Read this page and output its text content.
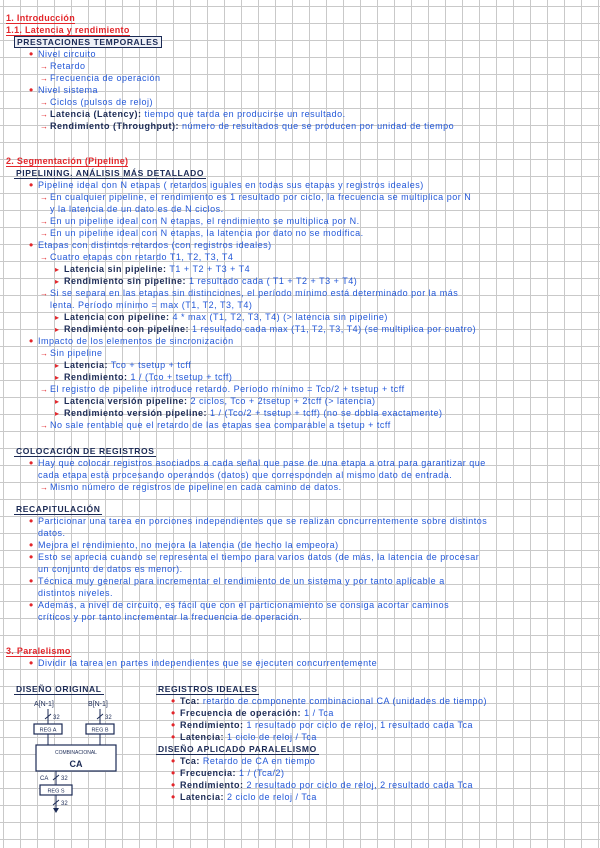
1. Introducción
1.1. Latencia y rendimiento
PRESTACIONES TEMPORALES
•
Nivel circuito
→
Retardo
→
Frecuencia de operación
•
Nivel sistema
→
Ciclos (pulsos de reloj)
→
Latencia (Latency): tiempo que tarda en producirse un resultado.
→
Rendimiento (Throughput): número de resultados que se producen por unidad de tiempo
2. Segmentación (Pipeline)
PIPELINING. ANÁLISIS MÁS DETALLADO
•
Pipeline ideal con N etapas ( retardos iguales en todas sus etapas y registros ideales)
→
En cualquier pipeline, el rendimiento es 1 resultado por ciclo, la frecuencia se multiplica por N
y la latencia de un dato es de N ciclos.
→
En un pipeline ideal con N etapas, el rendimiento se multiplica por N.
→
En un pipeline ideal con N etapas, la latencia por dato no se modifica.
•
Etapas con distintos retardos (con registros ideales)
→
Cuatro etapas con retardo T1, T2, T3, T4
▸
Latencia sin pipeline: T1 + T2 + T3 + T4
▸
Rendimiento sin pipeline: 1 resultado cada ( T1 + T2 + T3 + T4)
→
Si se separa en las etapas sin distinciones, el período mínimo está determinado por la más
lenta. Período mínimo = max (T1, T2, T3, T4)
▸
Latencia con pipeline: 4 * max (T1, T2, T3, T4) (> latencia sin pipeline)
▸
Rendimiento con pipeline: 1 resultado cada max (T1, T2, T3, T4) (se multiplica por cuatro)
•
Impacto de los elementos de sincronización
→
Sin pipeline
▸
Latencia: Tco + tsetup + tcff
▸
Rendimiento: 1 / (Tco + tsetup + tcff)
→
El registro de pipeline introduce retardo. Período mínimo = Tco/2 + tsetup + tcff
▸
Latencia versión pipeline: 2 ciclos, Tco + 2tsetup + 2tcff (> latencia)
▸
Rendimiento versión pipeline: 1 / (Tco/2 + tsetup + tcff) (no se dobla exactamente)
→
No sale rentable que el retardo de las etapas sea comparable a tsetup + tcff
COLOCACIÓN DE REGISTROS
•
Hay que colocar registros asociados a cada señal que pase de una etapa a otra para garantizar que
cada etapa está procesando operandos (datos) que corresponden al mismo dato de entrada.
→
Mismo número de registros de pipeline en cada camino de datos.
RECAPITULACIÓN
•
Particionar una tarea en porciones independientes que se realizan concurrentemente sobre distintos
datos.
•
Mejora el rendimiento, no mejora la latencia (de hecho la empeora)
•
Esto se aprecia cuando se representa el tiempo para varios datos (de más, la latencia de procesar
un conjunto de datos es menor).
•
Técnica muy general para incrementar el rendimiento de un sistema y por tanto aplicable a
distintos niveles.
•
Además, a nivel de circuito, es fácil que con el particionamiento se consiga acortar caminos
críticos y por tanto incrementar la frecuencia de operación.
3. Paralelismo
•
Dividir la tarea en partes independientes que se ejecuten concurrentemente
DISEÑO ORIGINAL
A[N-1]	B[N-1]
32	32
REG A	REG B
COMBINACIONAL
CA
CA 32
REG S
32
REGISTROS IDEALES
•
Tca: retardo de componente combinacional CA (unidades de tiempo)
•
Frecuencia de operación: 1 / Tca
•
Rendimiento: 1 resultado por ciclo de reloj, 1 resultado cada Tca
•
Latencia: 1 ciclo de reloj / Tca
DISEÑO APLICADO PARALELISMO
•
Tca: Retardo de CA en tiempo
•
Frecuencia: 1 / (Tca/2)
•
Rendimiento: 2 resultado por ciclo de reloj, 2 resultado cada Tca
•
Latencia: 2 ciclo de reloj / Tca
